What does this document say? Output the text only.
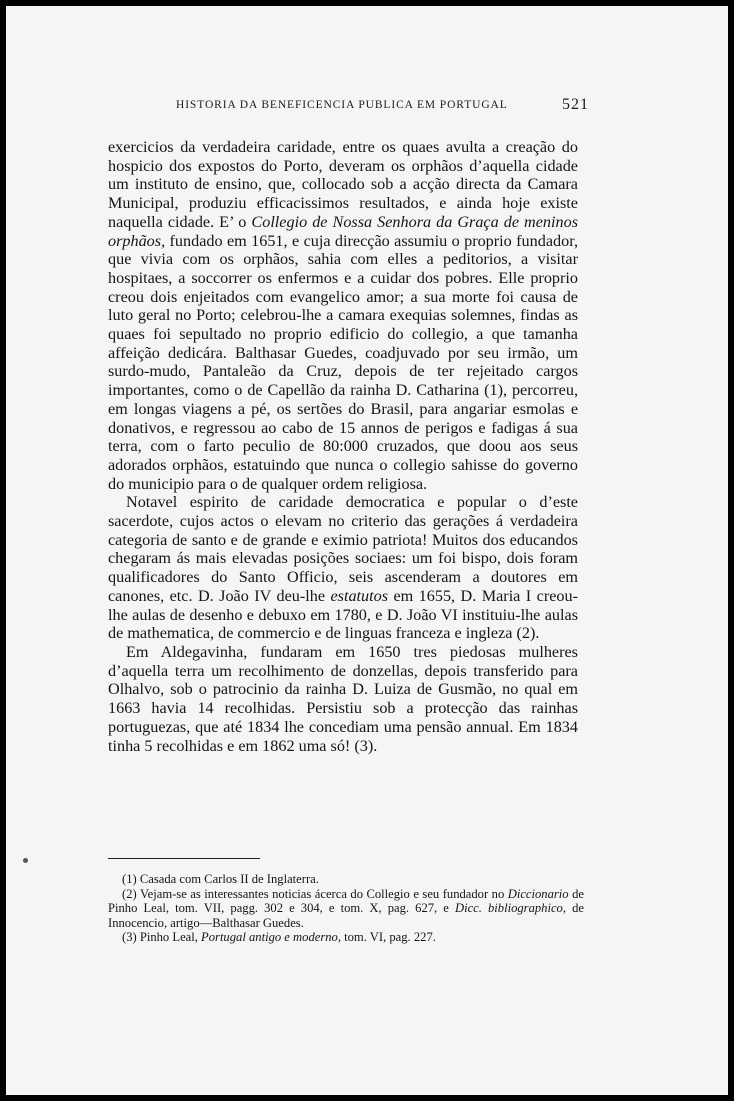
HISTORIA DA BENEFICENCIA PUBLICA EM PORTUGAL	521

exercicios da verdadeira caridade, entre os quaes avulta a creação do hospicio dos expostos do Porto, deveram os orphãos d’aquella cidade um instituto de ensino, que, collocado sob a acção directa da Camara Municipal, produziu efficacissimos resultados, e ainda hoje existe naquella cidade. E’ o Collegio de Nossa Senhora da Graça de meninos orphãos, fundado em 1651, e cuja direcção assumiu o proprio fundador, que vivia com os orphãos, sahia com elles a peditorios, a visitar hospitaes, a soccorrer os enfermos e a cuidar dos pobres. Elle proprio creou dois enjeitados com evangelico amor; a sua morte foi causa de luto geral no Porto; celebrou-lhe a camara exequias solemnes, findas as quaes foi sepultado no proprio edificio do collegio, a que tamanha affeição dedicára. Balthasar Guedes, coadjuvado por seu irmão, um surdo-mudo, Pantaleão da Cruz, depois de ter rejeitado cargos importantes, como o de Capellão da rainha D. Catharina (1), percorreu, em longas viagens a pé, os sertões do Brasil, para angariar esmolas e donativos, e regressou ao cabo de 15 annos de perigos e fadigas á sua terra, com o farto peculio de 80:000 cruzados, que doou aos seus adorados orphãos, estatuindo que nunca o collegio sahisse do governo do municipio para o de qualquer ordem religiosa.

Notavel espirito de caridade democratica e popular o d’este sacerdote, cujos actos o elevam no criterio das gerações á verdadeira categoria de santo e de grande e eximio patriota! Muitos dos educandos chegaram ás mais elevadas posições sociaes: um foi bispo, dois foram qualificadores do Santo Officio, seis ascenderam a doutores em canones, etc. D. João IV deu-lhe estatutos em 1655, D. Maria I creou-lhe aulas de desenho e debuxo em 1780, e D. João VI instituiu-lhe aulas de mathematica, de commercio e de linguas franceza e ingleza (2).

Em Aldegavinha, fundaram em 1650 tres piedosas mulheres d’aquella terra um recolhimento de donzellas, depois transferido para Olhalvo, sob o patrocinio da rainha D. Luiza de Gusmão, no qual em 1663 havia 14 recolhidas. Persistiu sob a protecção das rainhas portuguezas, que até 1834 lhe concediam uma pensão annual. Em 1834 tinha 5 recolhidas e em 1862 uma só! (3).

(1) Casada com Carlos II de Inglaterra.

(2) Vejam-se as interessantes noticias ácerca do Collegio e seu fundador no Diccionario de Pinho Leal, tom. VII, pagg. 302 e 304, e tom. X, pag. 627, e Dicc. bibliographico, de Innocencio, artigo—Balthasar Guedes.

(3) Pinho Leal, Portugal antigo e moderno, tom. VI, pag. 227.
